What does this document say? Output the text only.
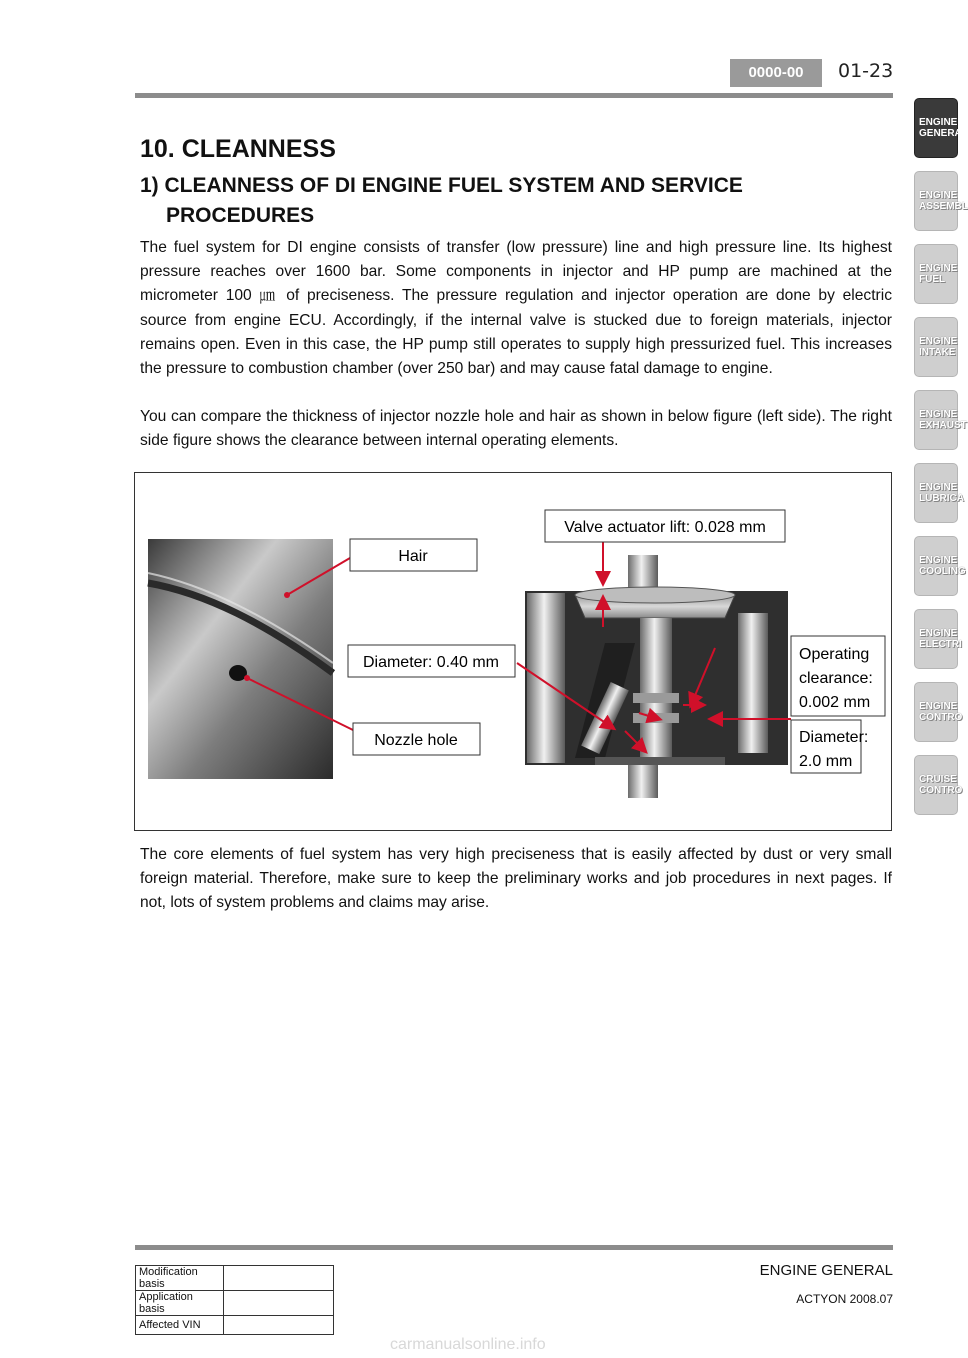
0000-00	01-23
ENGINE
GENERA
ENGINE
ASSEMBL
ENGINE
FUEL
ENGINE
INTAKE
ENGINE
EXHAUST
ENGINE
LUBRICA
ENGINE
COOLING
ENGINE
ELECTRI
ENGINE
CONTRO
CRUISE
CONTRO
10. CLEANNESS
1) CLEANNESS OF DI ENGINE FUEL SYSTEM AND SERVICE
PROCEDURES
The fuel system for DI engine consists of transfer (low pressure) line and high pressure line. Its highest pressure reaches over 1600 bar. Some components in injector and HP pump are machined at the micrometer 100 ㎛ of preciseness. The pressure regulation and injector operation are done by electric source from engine ECU. Accordingly, if the internal valve is stucked due to foreign materials, injector remains open. Even in this case, the HP pump still operates to supply high pressurized fuel. This increases the pressure to combustion chamber (over 250 bar) and may cause fatal damage to engine.
You can compare the thickness of injector nozzle hole and hair as shown in below figure (left side). The right side figure shows the clearance between internal operating elements.
Hair
Diameter: 0.40 mm
Nozzle hole
Valve actuator lift: 0.028 mm
Operating
clearance:
0.002 mm
Diameter:
2.0 mm
The core elements of fuel system has very high preciseness that is easily affected by dust or very small foreign material. Therefore, make sure to keep the preliminary works and job procedures in next pages. If not, lots of system problems and claims may arise.
ENGINE GENERAL
ACTYON 2008.07
Modification basis	
Application basis	
Affected VIN	
carmanualsonline.info
